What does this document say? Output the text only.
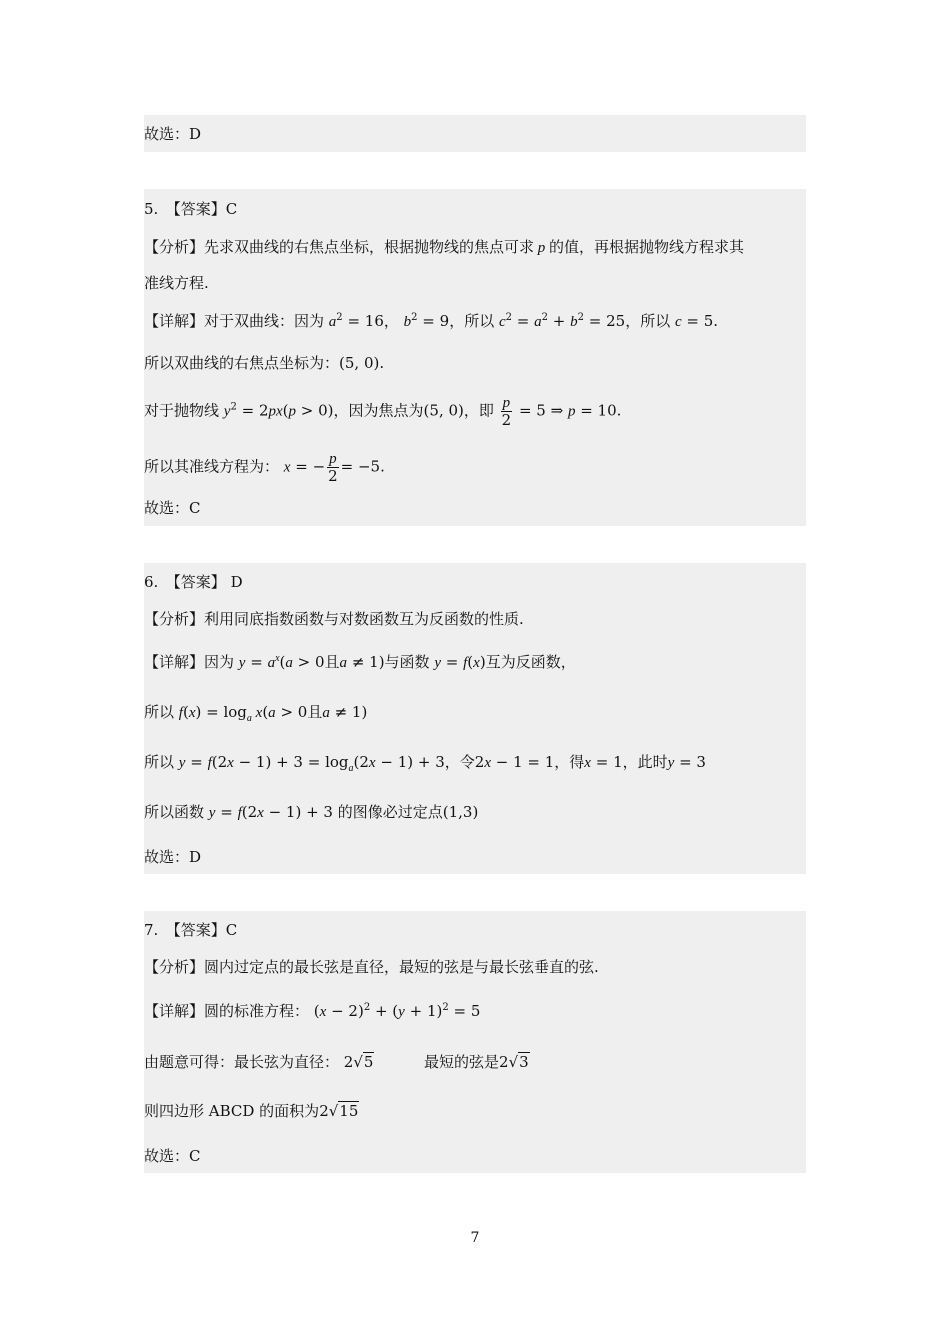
故选：D
5.　【答案】C
【分析】先求双曲线的右焦点坐标，根据抛物线的焦点可求 p 的值，再根据抛物线方程求其
准线方程.
【详解】对于双曲线：因为 $a^2 = 16$， $b^2 = 9$，所以 $c^2 = a^2 + b^2 = 25$，所以 c = 5.
所以双曲线的右焦点坐标为：(5, 0).
对于抛物线 $y^2 = 2px(p > 0)$，因为焦点为(5, 0)，即 $\frac{p}{2} = 5$ ⇒ p = 10.
所以其准线方程为： x = − $\frac{p}{2} = -5$.
故选：C
6.　【答案】 D
【分析】利用同底指数函数与对数函数互为反函数的性质.
【详解】因为 $y = a^x(a > 0$且a ≠ 1)与函数 y = f(x)互为反函数，
所以 $f(x) = \log_a x(a > 0$且a ≠ 1)
所以 $y = f(2x - 1) + 3 = \log_a(2x - 1) + 3$，令2x − 1 = 1，得x = 1，此时y = 3
所以函数 y = f(2x − 1) + 3 的图像必过定点(1,3)
故选：D
7.　【答案】C
【分析】圆内过定点的最长弦是直径，最短的弦是与最长弦垂直的弦.
【详解】圆的标准方程： $(x - 2)^2 + (y + 1)^2 = 5$
由题意可得：最长弦为直径： 2√5	最短的弦是2√3
则四边形 ABCD 的面积为2√15
故选：C
7
